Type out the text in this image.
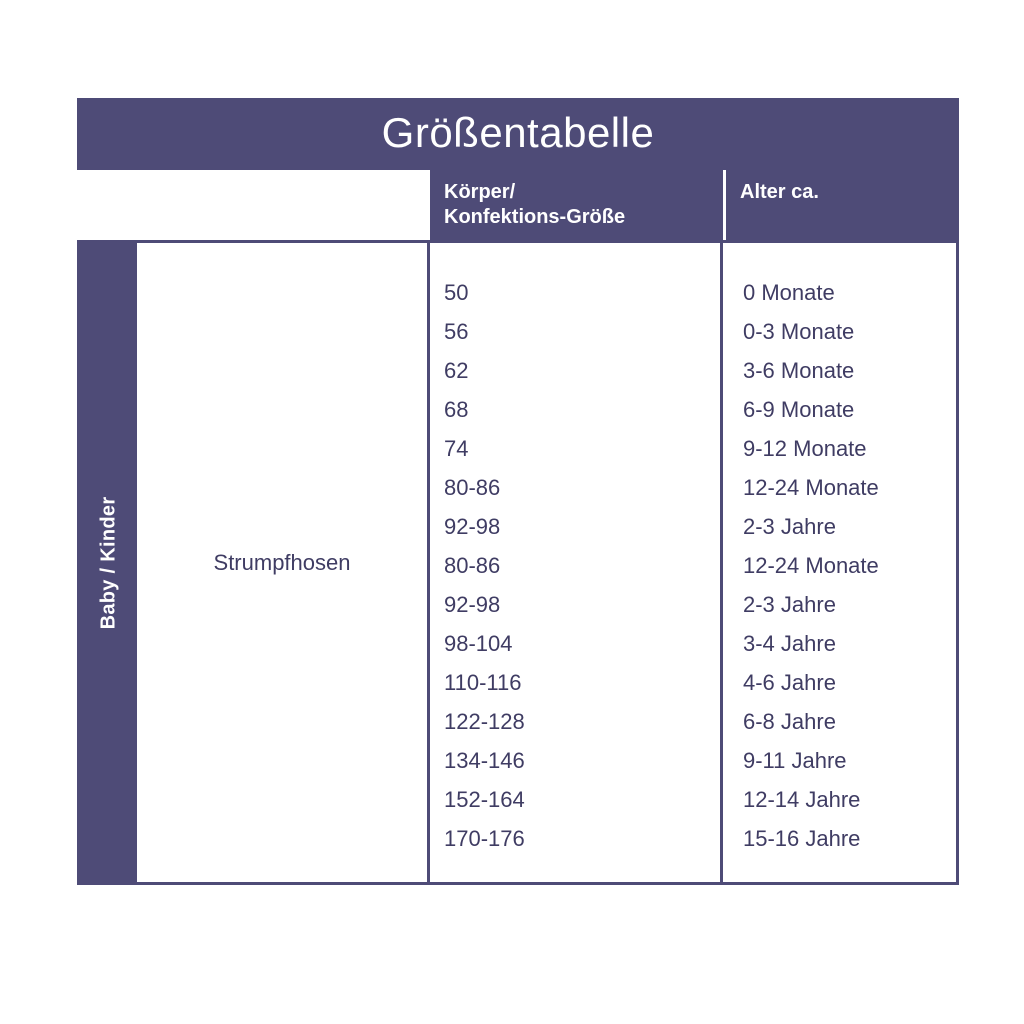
Größentabelle
Körper/
Konfektions-Größe
Alter ca.
Baby / Kinder	Strumpfhosen
50
56
62
68
74
80-86
92-98
80-86
92-98
98-104
110-116
122-128
134-146
152-164
170-176
0 Monate
0-3 Monate
3-6 Monate
6-9 Monate
9-12 Monate
12-24 Monate
2-3 Jahre
12-24 Monate
2-3 Jahre
3-4 Jahre
4-6 Jahre
6-8 Jahre
9-11 Jahre
12-14 Jahre
15-16 Jahre
